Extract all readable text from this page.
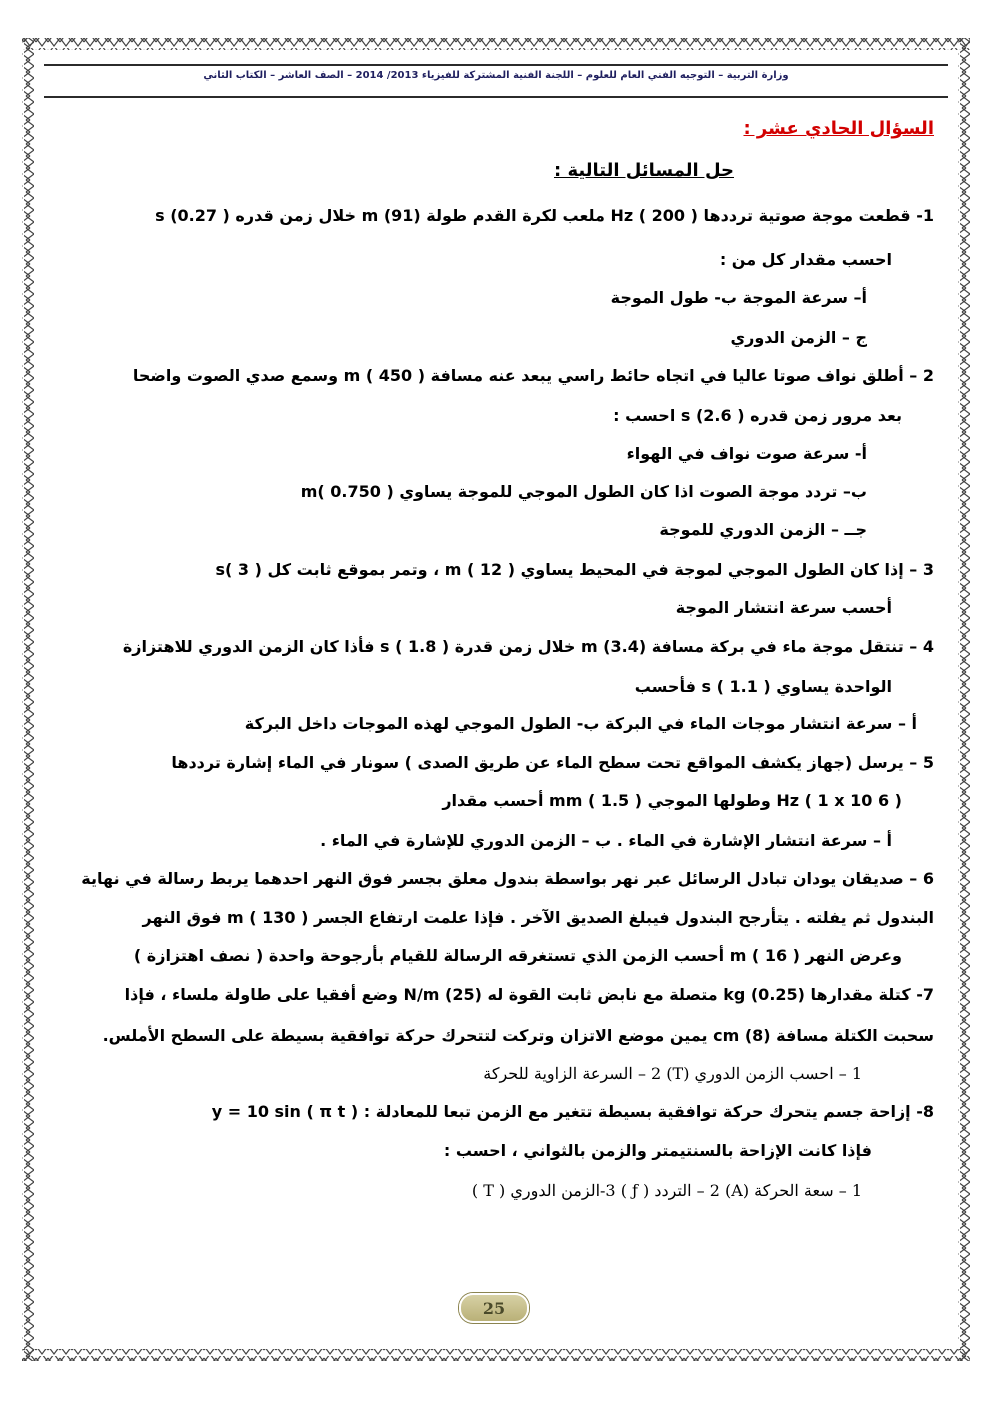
وزارة التربية – التوجيه الفني العام للعلوم – اللجنة الفنية المشتركة للفيزياء 2013/ 2014 – الصف العاشر – الكتاب الثاني
السؤال الحادي عشر :
حل المسائل التالية :
1- قطعت موجة صوتية ترددها Hz ( 200 ) ملعب لكرة القدم طولة m (91) خلال زمن قدره s (0.27 )
احسب مقدار كل من :
أ– سرعة الموجة ب- طول الموجة
ج – الزمن الدوري
2 – أطلق نواف صوتا عاليا في اتجاه حائط راسي يبعد عنه مسافة m ( 450 ) وسمع صدي الصوت واضحا
بعد مرور زمن قدره s (2.6 ) احسب :
أ- سرعة صوت نواف في الهواء
ب– تردد موجة الصوت اذا كان الطول الموجي للموجة يساوي m( 0.750 )
جــ – الزمن الدوري للموجة
3 – إذا كان الطول الموجي لموجة في المحيط يساوي m ( 12 ) ، وتمر بموقع ثابت كل s( 3 )
أحسب سرعة انتشار الموجة
4 – تنتقل موجة ماء في بركة مسافة m (3.4) خلال زمن قدرة s ( 1.8 ) فأذا كان الزمن الدوري للاهتزازة
الواحدة يساوي s ( 1.1 ) فأحسب
أ – سرعة انتشار موجات الماء في البركة ب- الطول الموجي لهذه الموجات داخل البركة
5 – يرسل (جهاز يكشف المواقع تحت سطح الماء عن طريق الصدى ) سونار في الماء إشارة ترددها
Hz ( 1 x 10 6 ) وطولها الموجي mm ( 1.5 ) أحسب مقدار
أ – سرعة انتشار الإشارة في الماء . ب – الزمن الدوري للإشارة في الماء .
6 – صديقان يودان تبادل الرسائل عبر نهر بواسطة بندول معلق بجسر فوق النهر احدهما يربط رسالة في نهاية
البندول ثم يفلته . يتأرجح البندول فيبلغ الصديق الآخر . فإذا علمت ارتفاع الجسر m ( 130 ) فوق النهر
وعرض النهر m ( 16 ) أحسب الزمن الذي تستغرقه الرسالة للقيام بأرجوحة واحدة ( نصف اهتزازة )
7- كتلة مقدارها kg (0.25) متصلة مع نابض ثابت القوة له N/m (25) وضع أفقيا على طاولة ملساء ، فإذا
سحبت الكتلة مسافة cm (8) يمين موضع الاتزان وتركت لتتحرك حركة توافقية بسيطة على السطح الأملس.
1 – احسب الزمن الدوري (T) 2 – السرعة الزاوية للحركة
8- إزاحة جسم يتحرك حركة توافقية بسيطة تتغير مع الزمن تبعا للمعادلة : ( π t ) y = 10 sin
فإذا كانت الإزاحة بالسنتيمتر والزمن بالثواني ، احسب :
1 – سعة الحركة (A) 2 – التردد ( ƒ ) 3-الزمن الدوري ( T )
25
